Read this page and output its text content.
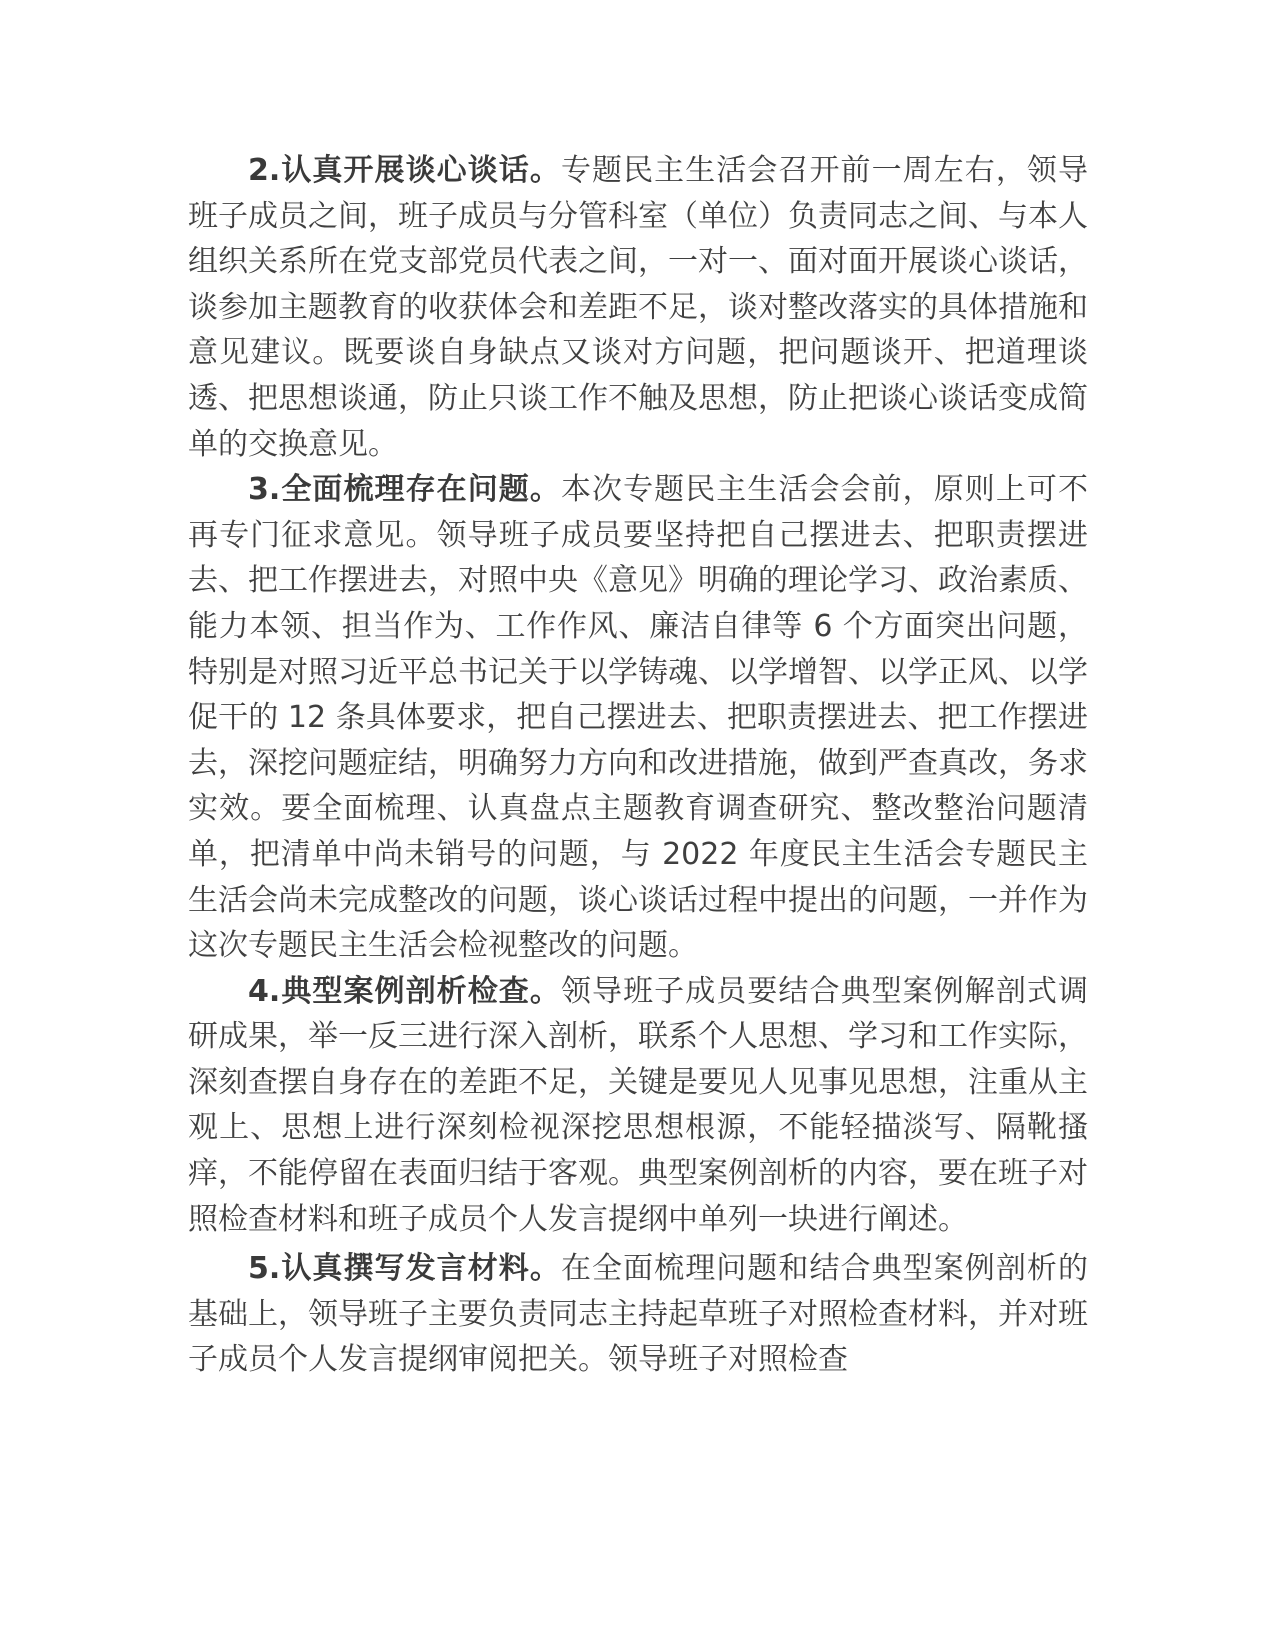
2.认真开展谈心谈话。专题民主生活会召开前一周左右，领导班子成员之间，班子成员与分管科室（单位）负责同志之间、与本人组织关系所在党支部党员代表之间，一对一、面对面开展谈心谈话，谈参加主题教育的收获体会和差距不足，谈对整改落实的具体措施和意见建议。既要谈自身缺点又谈对方问题，把问题谈开、把道理谈透、把思想谈通，防止只谈工作不触及思想，防止把谈心谈话变成简单的交换意见。

3.全面梳理存在问题。本次专题民主生活会会前，原则上可不再专门征求意见。领导班子成员要坚持把自己摆进去、把职责摆进去、把工作摆进去，对照中央《意见》明确的理论学习、政治素质、能力本领、担当作为、工作作风、廉洁自律等 6 个方面突出问题，特别是对照习近平总书记关于以学铸魂、以学增智、以学正风、以学促干的 12 条具体要求，把自己摆进去、把职责摆进去、把工作摆进去，深挖问题症结，明确努力方向和改进措施，做到严查真改，务求实效。要全面梳理、认真盘点主题教育调查研究、整改整治问题清单，把清单中尚未销号的问题，与 2022 年度民主生活会专题民主生活会尚未完成整改的问题，谈心谈话过程中提出的问题，一并作为这次专题民主生活会检视整改的问题。

4.典型案例剖析检查。领导班子成员要结合典型案例解剖式调研成果，举一反三进行深入剖析，联系个人思想、学习和工作实际，深刻查摆自身存在的差距不足，关键是要见人见事见思想，注重从主观上、思想上进行深刻检视深挖思想根源，不能轻描淡写、隔靴搔痒，不能停留在表面归结于客观。典型案例剖析的内容，要在班子对照检查材料和班子成员个人发言提纲中单列一块进行阐述。

5.认真撰写发言材料。在全面梳理问题和结合典型案例剖析的基础上，领导班子主要负责同志主持起草班子对照检查材料，并对班子成员个人发言提纲审阅把关。领导班子对照检查
